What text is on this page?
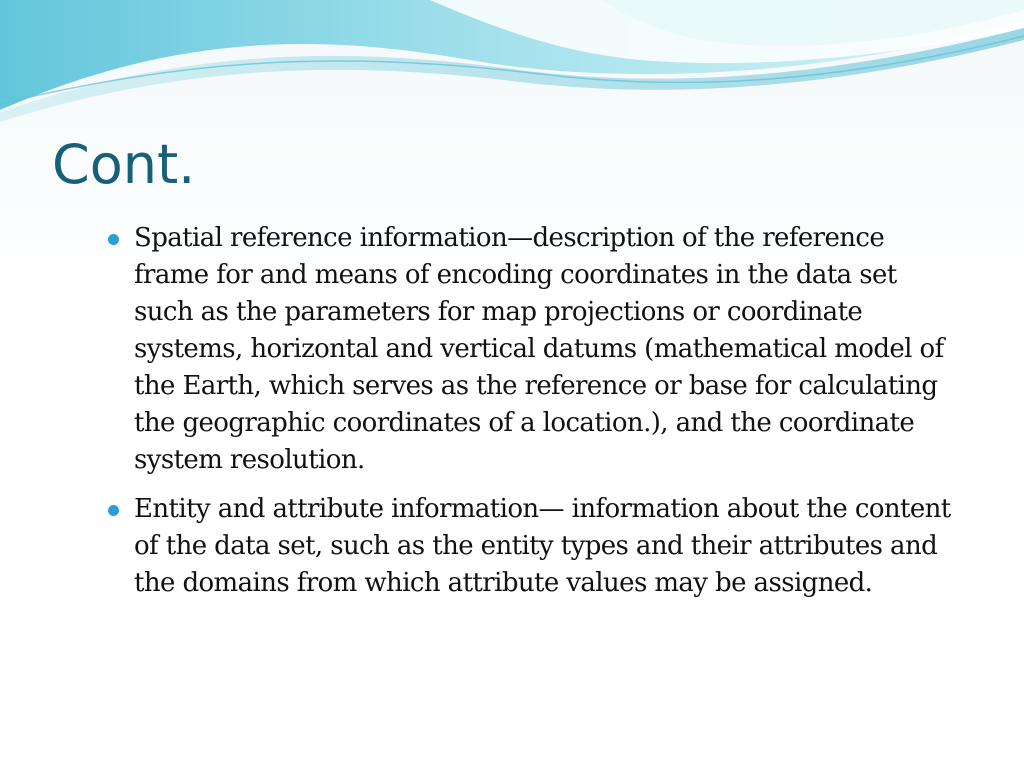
Cont.
Spatial reference information—description of the reference frame for and means of encoding coordinates in the data set such as the parameters for map projections or coordinate systems, horizontal and vertical datums (mathematical model of the Earth, which serves as the reference or base for calculating the geographic coordinates of a location.), and the coordinate system resolution.
Entity and attribute information— information about the content of the data set, such as the entity types and their attributes and the domains from which attribute values may be assigned.
